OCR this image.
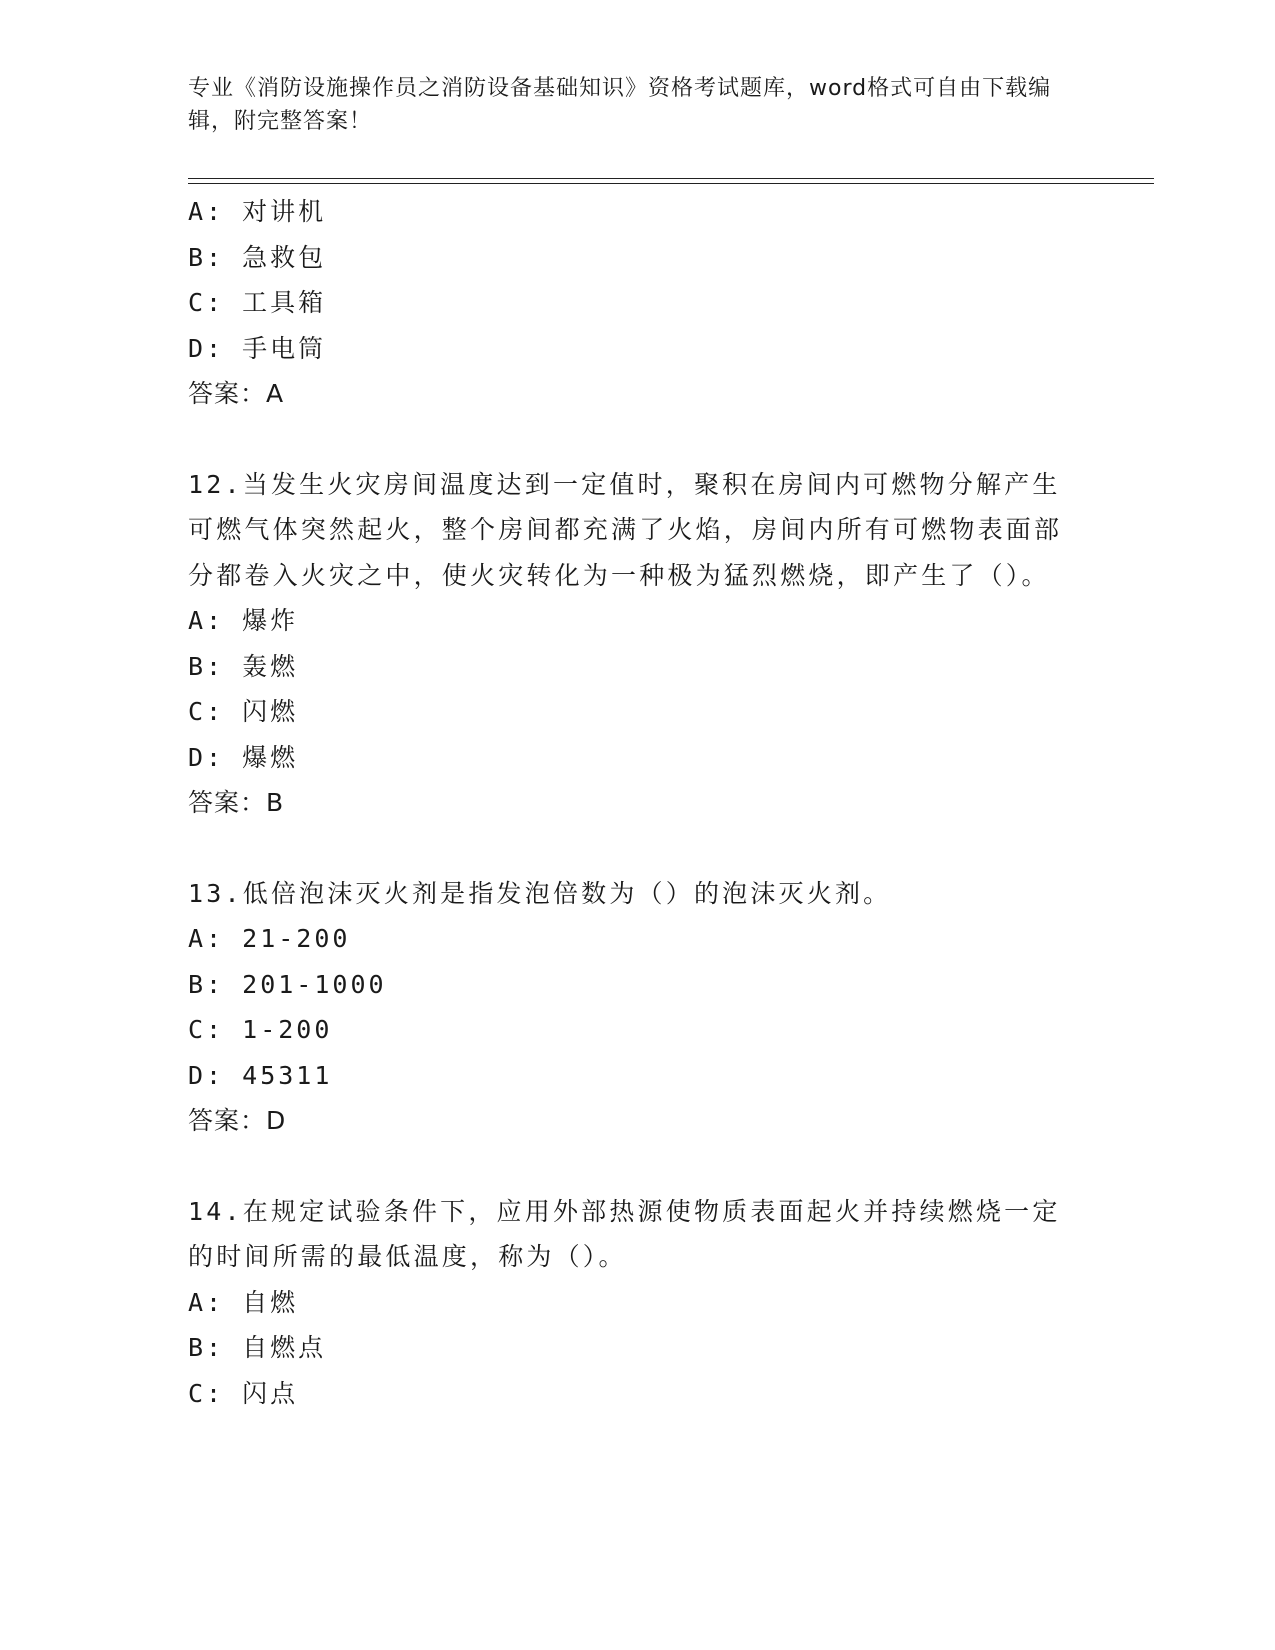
专业《消防设施操作员之消防设备基础知识》资格考试题库，word格式可自由下载编辑，附完整答案！
A: 对讲机
B: 急救包
C: 工具箱
D: 手电筒
答案：A
12.当发生火灾房间温度达到一定值时，聚积在房间内可燃物分解产生可燃气体突然起火，整个房间都充满了火焰，房间内所有可燃物表面部分都卷入火灾之中，使火灾转化为一种极为猛烈燃烧，即产生了（）。
A: 爆炸
B: 轰燃
C: 闪燃
D: 爆燃
答案：B
13.低倍泡沫灭火剂是指发泡倍数为（）的泡沫灭火剂。
A: 21-200
B: 201-1000
C: 1-200
D: 45311
答案：D
14.在规定试验条件下，应用外部热源使物质表面起火并持续燃烧一定的时间所需的最低温度，称为（）。
A: 自燃
B: 自燃点
C: 闪点
